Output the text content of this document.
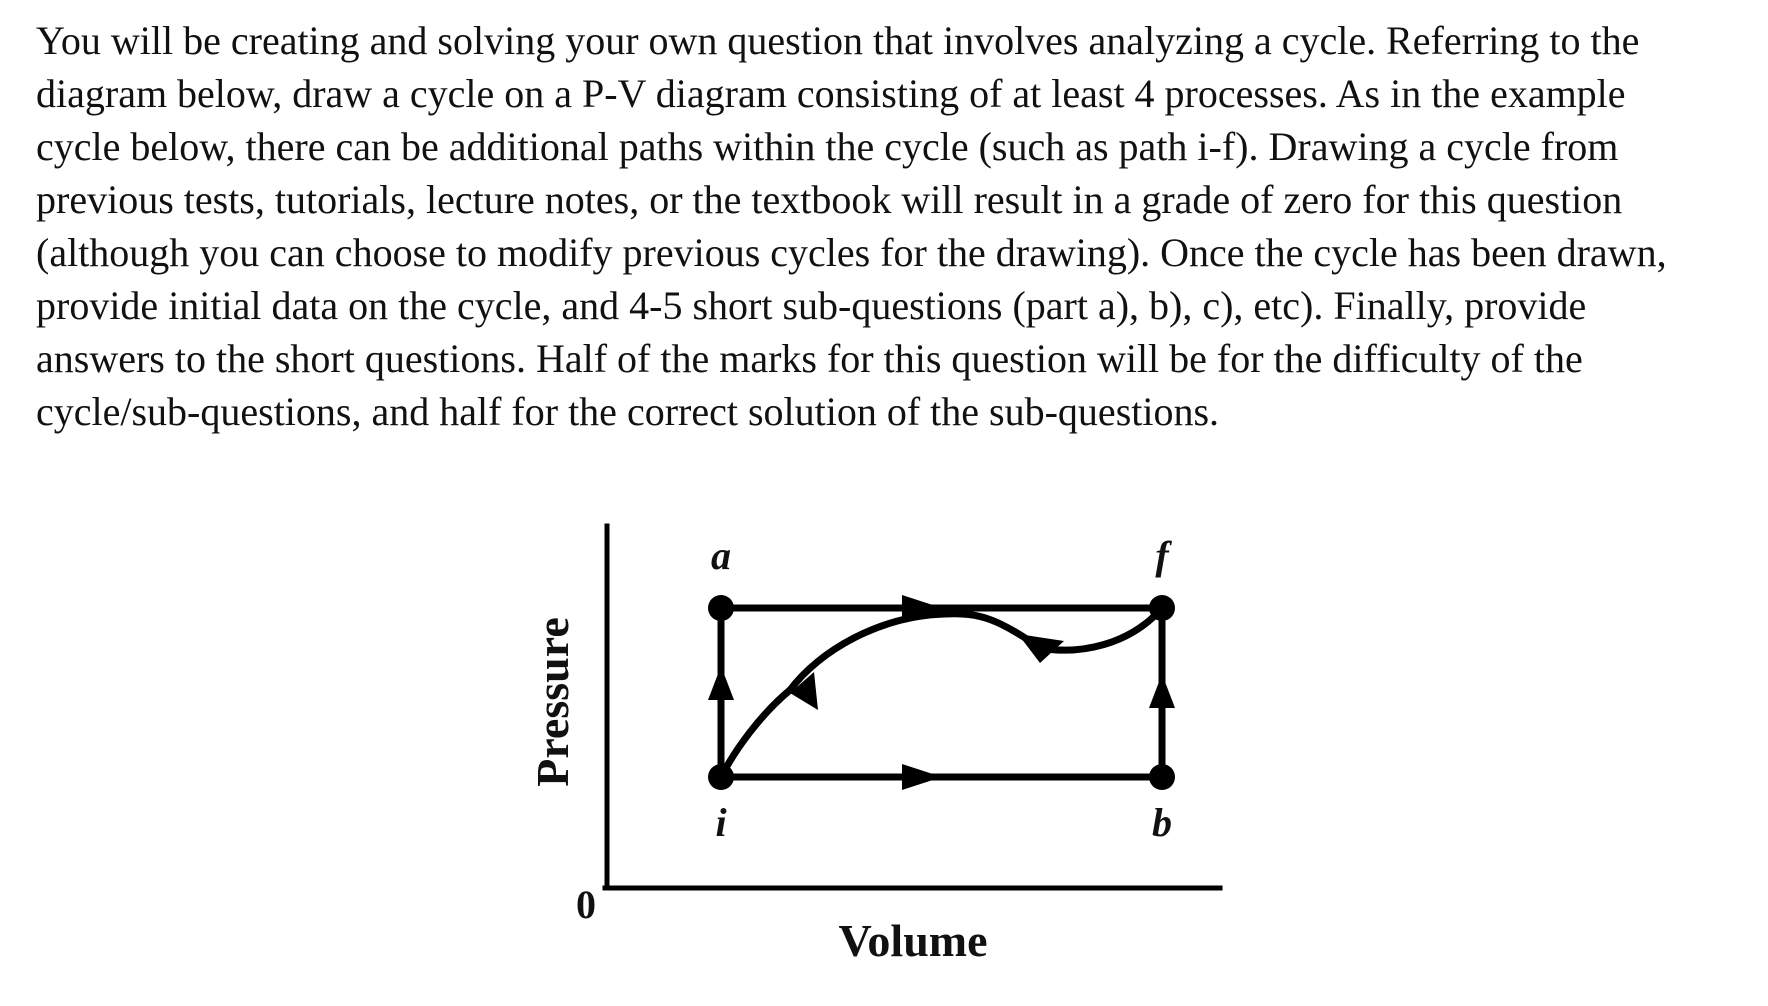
You will be creating and solving your own question that involves analyzing a cycle. Referring to the
diagram below, draw a cycle on a P-V diagram consisting of at least 4 processes. As in the example
cycle below, there can be additional paths within the cycle (such as path i-f). Drawing a cycle from
previous tests, tutorials, lecture notes, or the textbook will result in a grade of zero for this question
(although you can choose to modify previous cycles for the drawing). Once the cycle has been drawn,
provide initial data on the cycle, and 4-5 short sub-questions (part a), b), c), etc). Finally, provide
answers to the short questions. Half of the marks for this question will be for the difficulty of the
cycle/sub-questions, and half for the correct solution of the sub-questions.
Pressure
Volume
0
a	f
i	b
